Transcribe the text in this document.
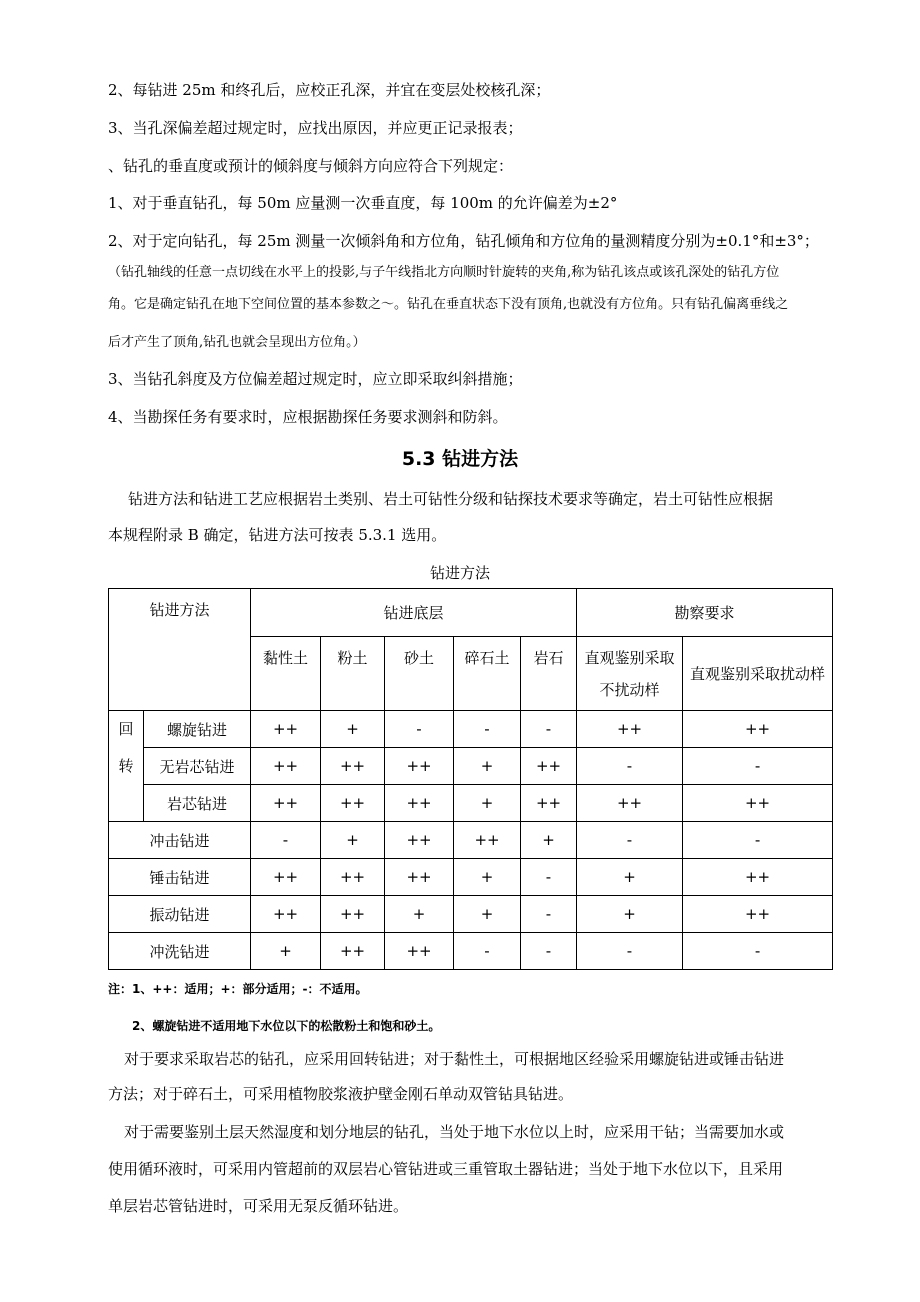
2、每钻进 25m 和终孔后，应校正孔深，并宜在变层处校核孔深；
3、当孔深偏差超过规定时，应找出原因，并应更正记录报表；
、钻孔的垂直度或预计的倾斜度与倾斜方向应符合下列规定：
1、对于垂直钻孔，每 50m 应量测一次垂直度，每 100m 的允许偏差为±2°
2、对于定向钻孔，每 25m 测量一次倾斜角和方位角，钻孔倾角和方位角的量测精度分别为±0.1°和±3°；
（钻孔轴线的任意一点切线在水平上的投影,与子午线指北方向顺时针旋转的夹角,称为钻孔该点或该孔深处的钻孔方位
角。它是确定钻孔在地下空间位置的基本参数之～。钻孔在垂直状态下没有顶角,也就没有方位角。只有钻孔偏离垂线之
后才产生了顶角,钻孔也就会呈现出方位角。）
3、当钻孔斜度及方位偏差超过规定时，应立即采取纠斜措施；
4、当勘探任务有要求时，应根据勘探任务要求测斜和防斜。
5.3 钻进方法
钻进方法和钻进工艺应根据岩土类别、岩土可钻性分级和钻探技术要求等确定，岩土可钻性应根据
本规程附录 B 确定，钻进方法可按表 5.3.1 选用。
钻进方法
钻进方法		钻进底层					勘察要求	
		黏性土	粉土	砂土	碎石土	岩石	直观鉴别采取不扰动样	直观鉴别采取扰动样

回
转	螺旋钻进	++	+	-	-	-	++	++
	无岩芯钻进	++	++	++	+	++	-	-
	岩芯钻进	++	++	++	+	++	++	++
冲击钻进		-	+	++	++	+	-	-
锤击钻进		++	++	++	+	-	+	++
振动钻进		++	++	+	+	-	+	++
冲洗钻进		+	++	++	-	-	-	-
注：1、++：适用；+：部分适用；-：不适用。
2、螺旋钻进不适用地下水位以下的松散粉土和饱和砂土。
对于要求采取岩芯的钻孔，应采用回转钻进；对于黏性土，可根据地区经验采用螺旋钻进或锤击钻进
方法；对于碎石土，可采用植物胶浆液护壁金刚石单动双管钻具钻进。
对于需要鉴别土层天然湿度和划分地层的钻孔，当处于地下水位以上时，应采用干钻；当需要加水或
使用循环液时，可采用内管超前的双层岩心管钻进或三重管取土器钻进；当处于地下水位以下，且采用
单层岩芯管钻进时，可采用无泵反循环钻进。
